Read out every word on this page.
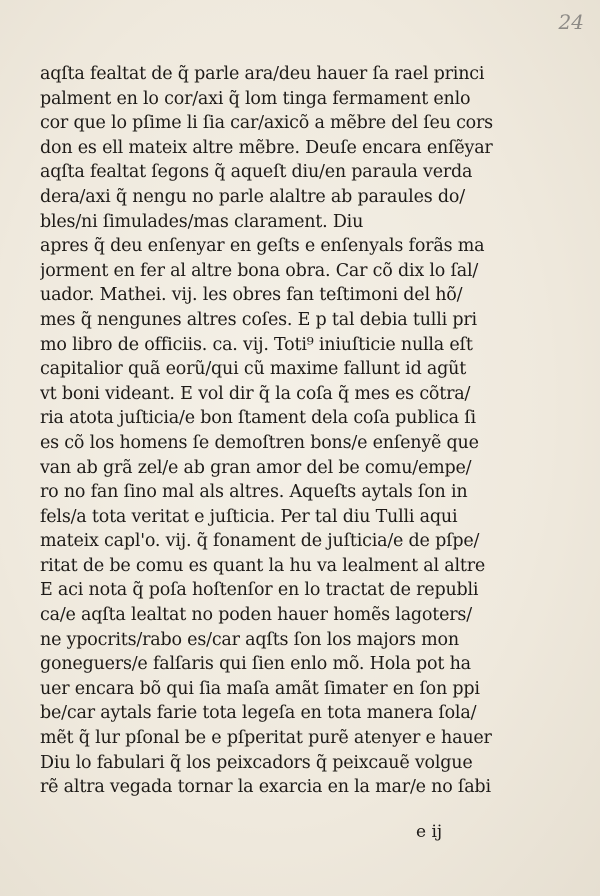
24
aqſta fealtat de q̃ parle ara/deu hauer ſa rael princi
palment en lo cor/axi q̃ lom tinga fermament enlo
cor que lo pſime li ſia car/axicõ a mẽbre del ſeu cors
don es ell mateix altre mẽbre. Deuſe encara enſẽyar
aqſta fealtat ſegons q̃ aqueſt diu/en paraula verda
dera/axi q̃ nengu no parle alaltre ab paraules do/
bles/ni ſimulades/mas clarament. Diu
apres q̃ deu enſenyar en geſts e enſenyals forãs ma
jorment en fer al altre bona obra. Car cõ dix lo ſal/
uador. Mathei. vij. les obres fan teſtimoni del hõ/
mes q̃ nengunes altres coſes. E p tal debia tulli pri
mo libro de officiis. ca. vij. Toti⁹ iniuſticie nulla eſt
capitalior quã eorũ/qui cũ maxime fallunt id agũt
vt boni videant. E vol dir q̃ la coſa q̃ mes es cõtra/
ria atota juſticia/e bon ſtament dela coſa publica ſi
es cõ los homens ſe demoſtren bons/e enſenyẽ que
van ab grã zel/e ab gran amor del be comu/empe/
ro no fan ſino mal als altres. Aqueſts aytals ſon in
fels/a tota veritat e juſticia. Per tal diu Tulli aqui
mateix capl'o. vij. q̃ fonament de juſticia/e de pſpe/
ritat de be comu es quant la hu va lealment al altre
E aci nota q̃ poſa hoſtenſor en lo tractat de republi
ca/e aqſta lealtat no poden hauer homẽs lagoters/
ne ypocrits/rabo es/car aqſts ſon los majors mon
goneguers/e falſaris qui ſien enlo mõ. Hola pot ha
uer encara bõ qui ſia maſa amãt ſimater en ſon ppi
be/car aytals farie tota legeſa en tota manera ſola/
mẽt q̃ lur pſonal be e pſperitat purẽ atenyer e hauer
Diu lo fabulari q̃ los peixcadors q̃ peixcauẽ volgue
rẽ altra vegada tornar la exarcia en la mar/e no ſabi
e ij
